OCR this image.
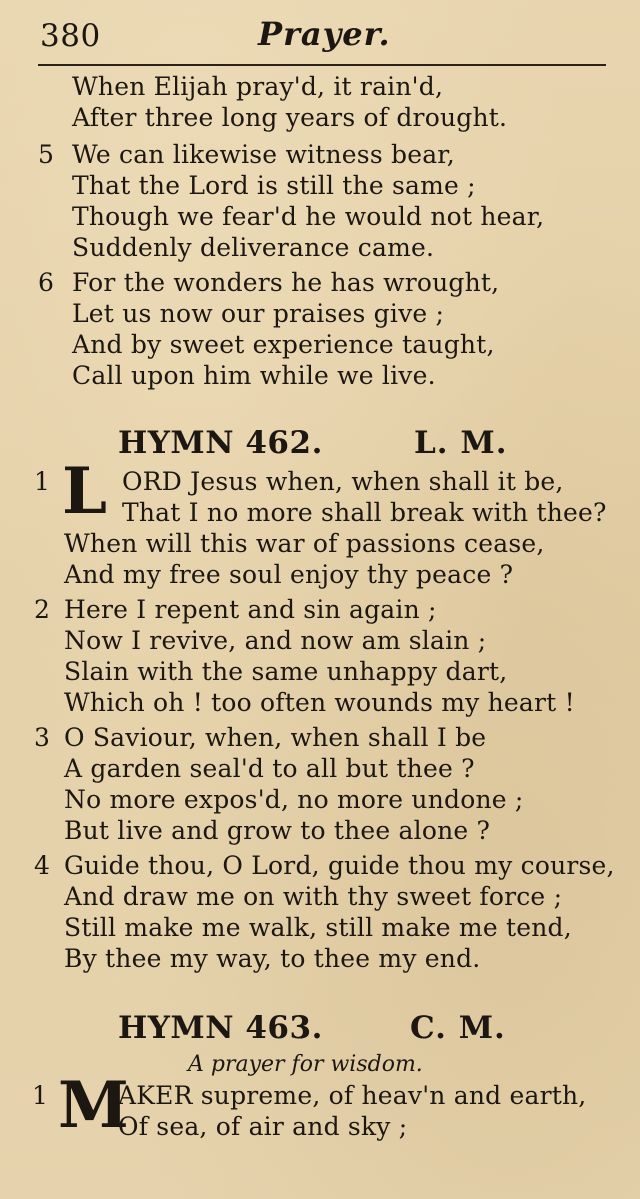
380	Prayer.
When Elijah pray'd, it rain'd,
After three long years of drought.
5 We can likewise witness bear,
That the Lord is still the same ;
Though we fear'd he would not hear,
Suddenly deliverance came.
6 For the wonders he has wrought,
Let us now our praises give ;
And by sweet experience taught,
Call upon him while we live.
HYMN 462.	L. M.
1 L ORD Jesus when, when shall it be,
That I no more shall break with thee?
When will this war of passions cease,
And my free soul enjoy thy peace ?
2 Here I repent and sin again ;
Now I revive, and now am slain ;
Slain with the same unhappy dart,
Which oh ! too often wounds my heart !
3 O Saviour, when, when shall I be
A garden seal'd to all but thee ?
No more expos'd, no more undone ;
But live and grow to thee alone ?
4 Guide thou, O Lord, guide thou my course,
And draw me on with thy sweet force ;
Still make me walk, still make me tend,
By thee my way, to thee my end.
HYMN 463.	C. M.
A prayer for wisdom.
1 M
AKER supreme, of heav'n and earth,
Of sea, of air and sky ;
